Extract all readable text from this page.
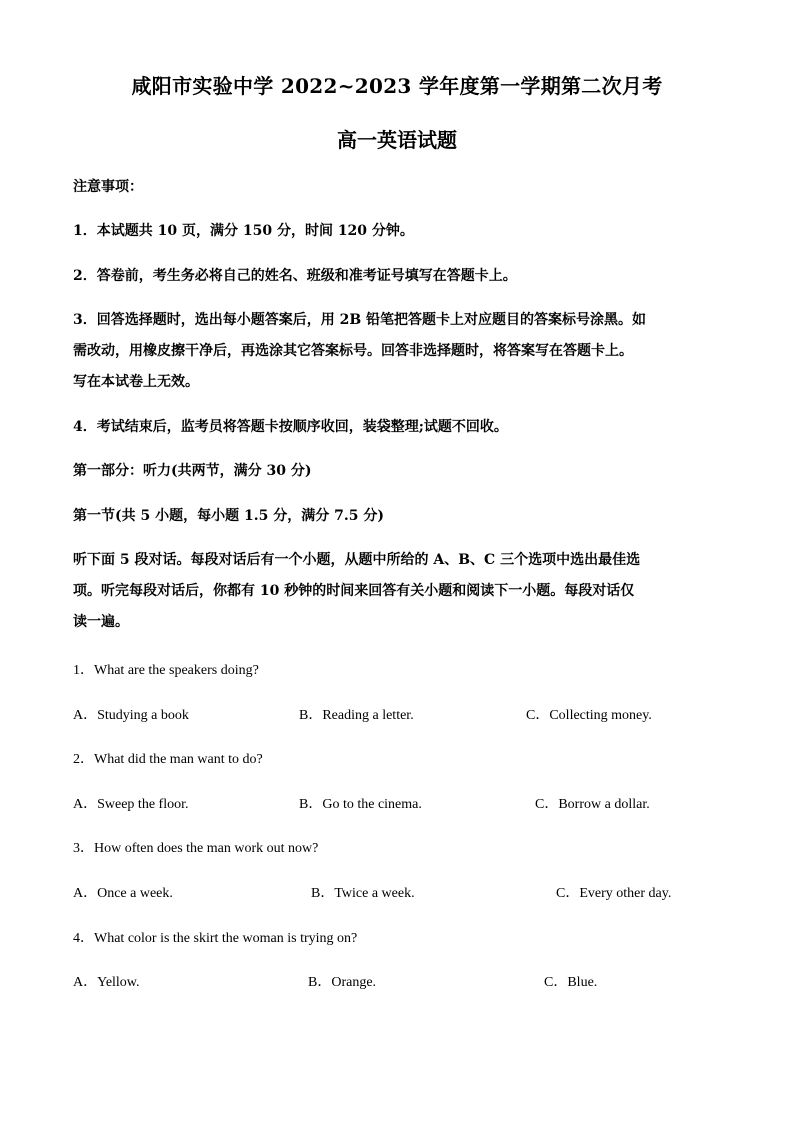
咸阳市实验中学 2022~2023 学年度第一学期第二次月考
高一英语试题
注意事项：
1．本试题共 10 页，满分 150 分，时间 120 分钟。
2．答卷前，考生务必将自己的姓名、班级和准考证号填写在答题卡上。
3．回答选择题时，选出每小题答案后，用 2B 铅笔把答题卡上对应题目的答案标号涂黑。如
需改动，用橡皮擦干净后，再选涂其它答案标号。回答非选择题时，将答案写在答题卡上。
写在本试卷上无效。
4．考试结束后，监考员将答题卡按顺序收回，装袋整理;试题不回收。
第一部分：听力(共两节，满分 30 分)
第一节(共 5 小题，每小题 1.5 分，满分 7.5 分)
听下面 5 段对话。每段对话后有一个小题，从题中所给的 A、B、C 三个选项中选出最佳选
项。听完每段对话后，你都有 10 秒钟的时间来回答有关小题和阅读下一小题。每段对话仅
读一遍。
1．What are the speakers doing?
A．Studying a book	B．Reading a letter.	C．Collecting money.
2．What did the man want to do?
A．Sweep the floor.	B．Go to the cinema.	C．Borrow a dollar.
3．How often does the man work out now?
A．Once a week.	B．Twice a week.	C．Every other day.
4．What color is the skirt the woman is trying on?
A．Yellow.	B．Orange.	C．Blue.
